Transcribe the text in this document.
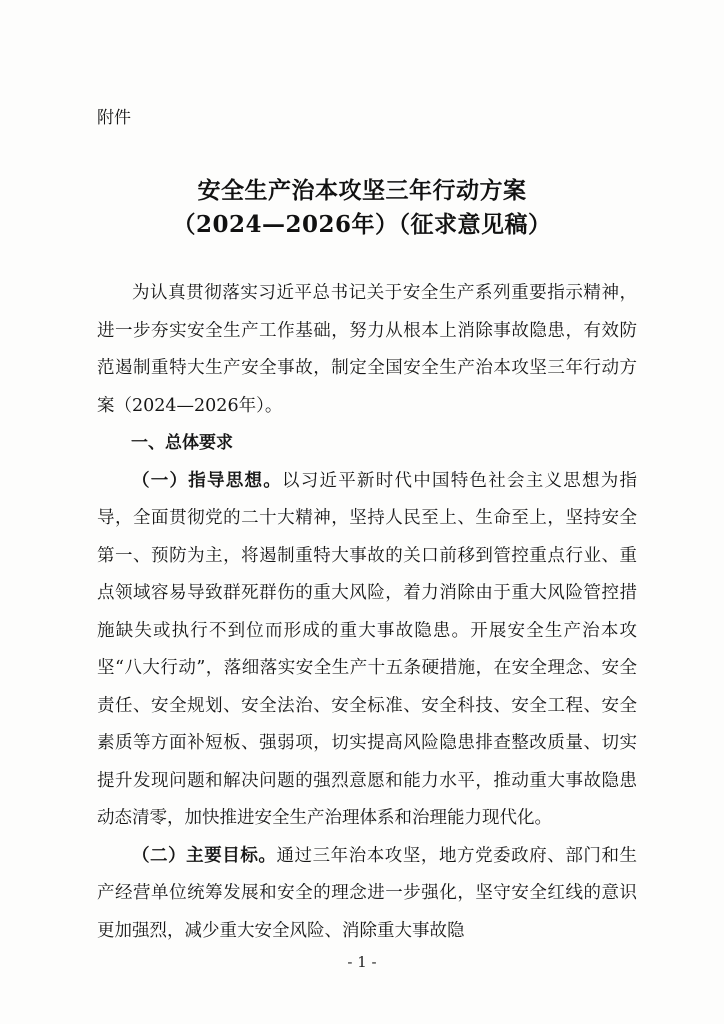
附件
安全生产治本攻坚三年行动方案
（2024—2026年）（征求意见稿）

为认真贯彻落实习近平总书记关于安全生产系列重要指示精神，进一步夯实安全生产工作基础，努力从根本上消除事故隐患，有效防范遏制重特大生产安全事故，制定全国安全生产治本攻坚三年行动方案（2024—2026年）。

一、总体要求

（一）指导思想。以习近平新时代中国特色社会主义思想为指导，全面贯彻党的二十大精神，坚持人民至上、生命至上，坚持安全第一、预防为主，将遏制重特大事故的关口前移到管控重点行业、重点领域容易导致群死群伤的重大风险，着力消除由于重大风险管控措施缺失或执行不到位而形成的重大事故隐患。开展安全生产治本攻坚“八大行动”，落细落实安全生产十五条硬措施，在安全理念、安全责任、安全规划、安全法治、安全标准、安全科技、安全工程、安全素质等方面补短板、强弱项，切实提高风险隐患排查整改质量、切实提升发现问题和解决问题的强烈意愿和能力水平，推动重大事故隐患动态清零，加快推进安全生产治理体系和治理能力现代化。

（二）主要目标。通过三年治本攻坚，地方党委政府、部门和生产经营单位统筹发展和安全的理念进一步强化，坚守安全红线的意识更加强烈，减少重大安全风险、消除重大事故隐

- 1 -
